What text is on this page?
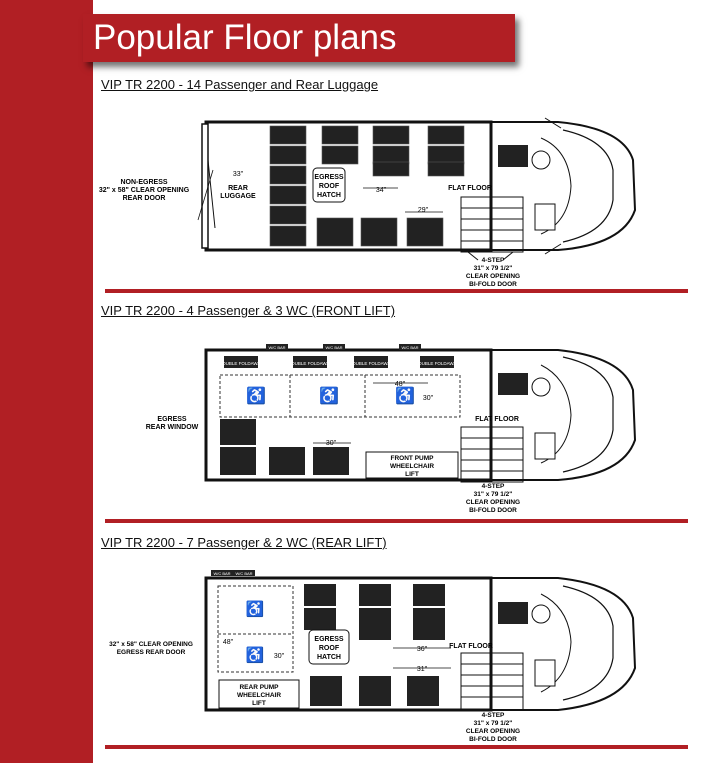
Popular Floor plans
VIP TR 2200 - 14 Passenger and Rear Luggage
NON-EGRESS
32" x 58" CLEAR OPENING
REAR DOOR
33"
REAR
LUGGAGE
EGRESS
ROOF
HATCH
34"
29"
FLAT FLOOR
4-STEP
31" x 79 1/2"
CLEAR OPENING
BI-FOLD DOOR
VIP TR 2200 - 4 Passenger & 3 WC (FRONT LIFT)
W/C BAR	W/C BAR	W/C BAR
DOUBLE FOLDAWAY	DOUBLE FOLDAWAY	DOUBLE FOLDAWAY	DOUBLE FOLDAWAY
♿	♿	♿
48"
30"
30"
FRONT PUMP
WHEELCHAIR
LIFT
FLAT FLOOR
EGRESS
REAR WINDOW
4-STEP
31" x 79 1/2"
CLEAR OPENING
BI-FOLD DOOR
VIP TR 2200 - 7 Passenger & 2 WC (REAR LIFT)
W/C BAR W/C BAR
♿
♿
48"
30"
EGRESS
ROOF
HATCH
36"
31"
FLAT FLOOR
REAR PUMP
WHEELCHAIR
LIFT
32" x 58" CLEAR OPENING
EGRESS REAR DOOR
4-STEP
31" x 79 1/2"
CLEAR OPENING
BI-FOLD DOOR
